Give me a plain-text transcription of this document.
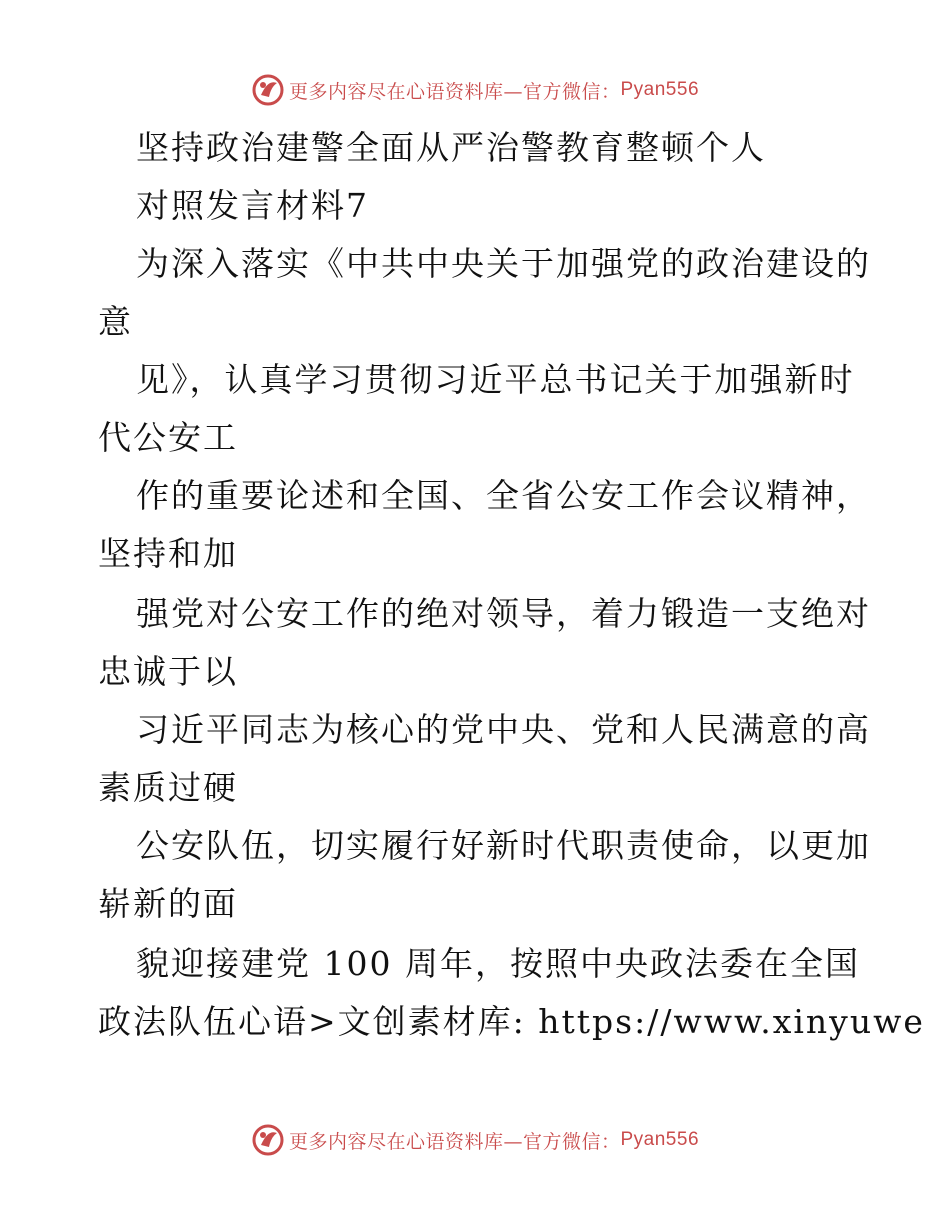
更多内容尽在心语资料库—官方微信： Pyan556
坚持政治建警全面从严治警教育整顿个人
对照发言材料7
为深入落实《中共中央关于加强党的政治建设的
意
见》，认真学习贯彻习近平总书记关于加强新时
代公安工
作的重要论述和全国、全省公安工作会议精神，
坚持和加
强党对公安工作的绝对领导，着力锻造一支绝对
忠诚于以
习近平同志为核心的党中央、党和人民满意的高
素质过硬
公安队伍，切实履行好新时代职责使命，以更加
崭新的面
貌迎接建党 100 周年，按照中央政法委在全国
政法队伍心语>文创素材库: https://www.xinyuwe
更多内容尽在心语资料库—官方微信： Pyan556
